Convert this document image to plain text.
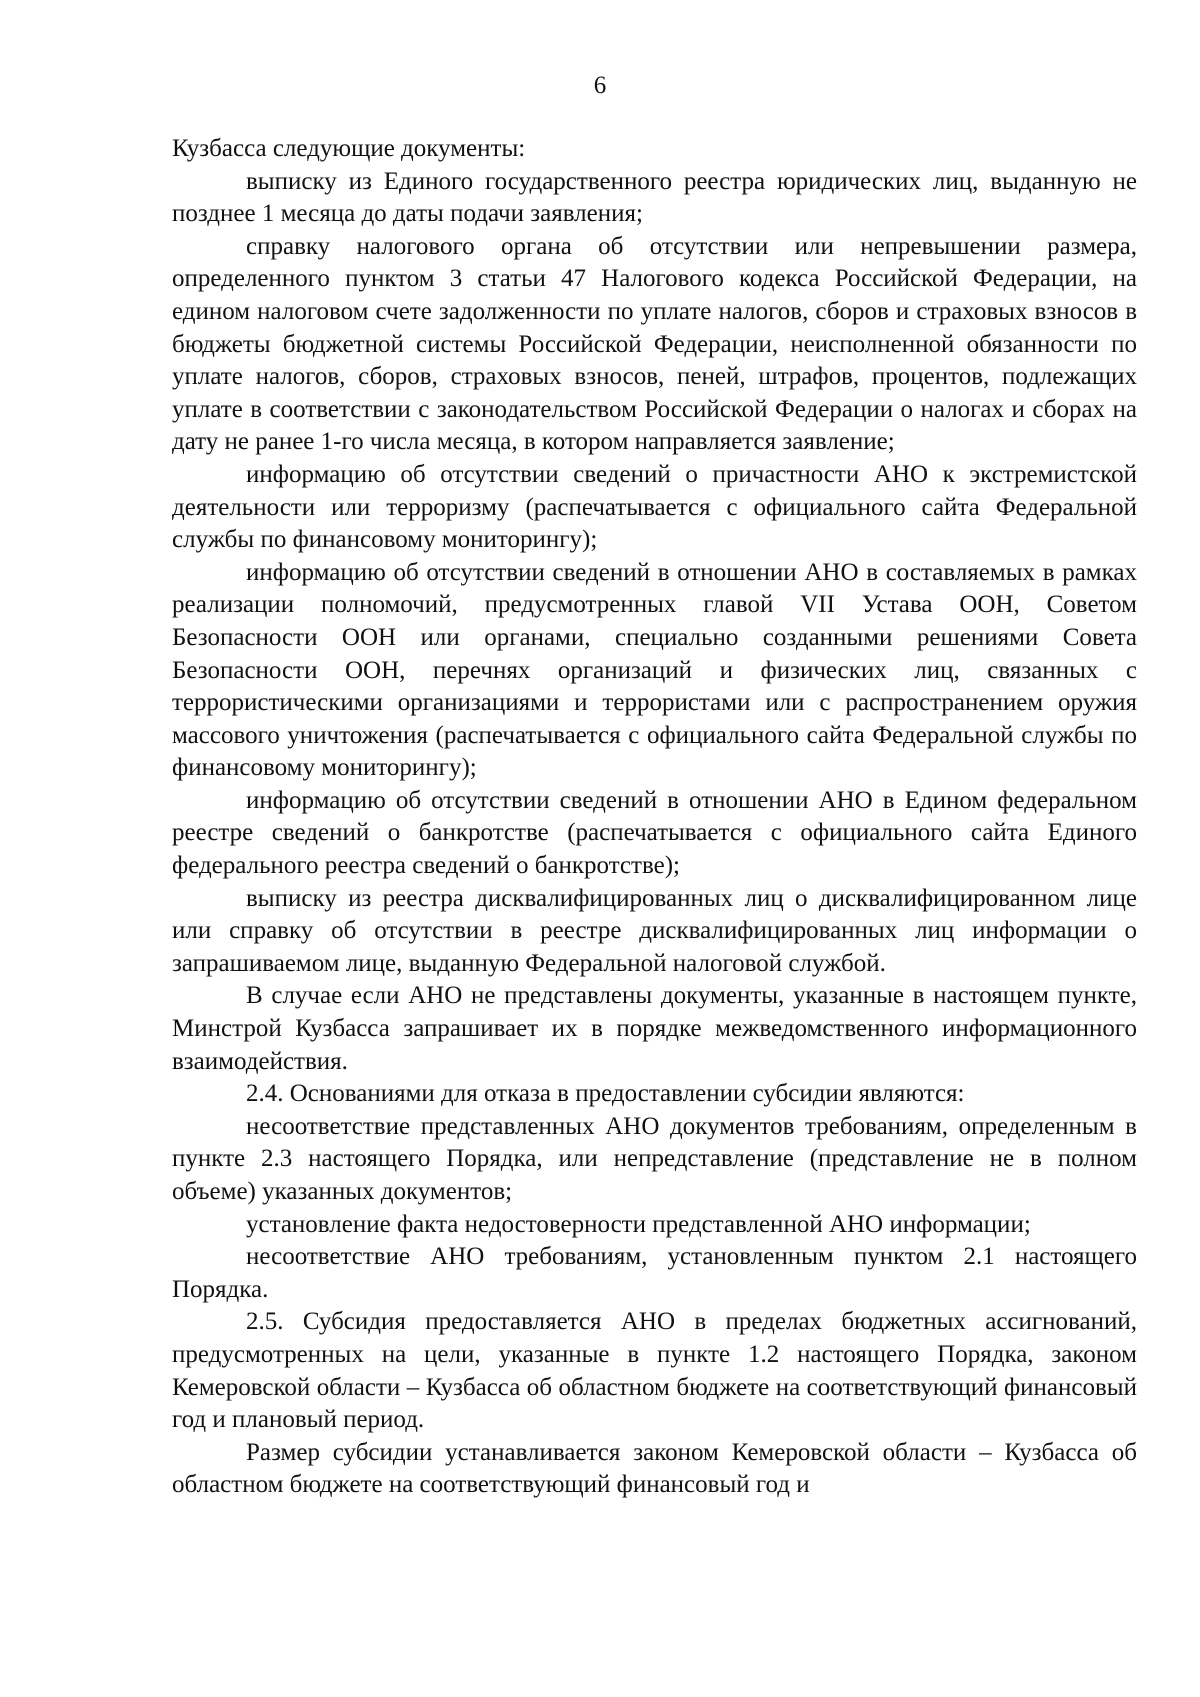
6

Кузбасса следующие документы:

выписку из Единого государственного реестра юридических лиц, выданную не позднее 1 месяца до даты подачи заявления;

справку налогового органа об отсутствии или непревышении размера, определенного пунктом 3 статьи 47 Налогового кодекса Российской Федерации, на едином налоговом счете задолженности по уплате налогов, сборов и страховых взносов в бюджеты бюджетной системы Российской Федерации, неисполненной обязанности по уплате налогов, сборов, страховых взносов, пеней, штрафов, процентов, подлежащих уплате в соответствии с законодательством Российской Федерации о налогах и сборах на дату не ранее 1-го числа месяца, в котором направляется заявление;

информацию об отсутствии сведений о причастности АНО к экстремистской деятельности или терроризму (распечатывается с официального сайта Федеральной службы по финансовому мониторингу);

информацию об отсутствии сведений в отношении АНО в составляемых в рамках реализации полномочий, предусмотренных главой VII Устава ООН, Советом Безопасности ООН или органами, специально созданными решениями Совета Безопасности ООН, перечнях организаций и физических лиц, связанных с террористическими организациями и террористами или с распространением оружия массового уничтожения (распечатывается с официального сайта Федеральной службы по финансовому мониторингу);

информацию об отсутствии сведений в отношении АНО в Едином федеральном реестре сведений о банкротстве (распечатывается с официального сайта Единого федерального реестра сведений о банкротстве);

выписку из реестра дисквалифицированных лиц о дисквалифицированном лице или справку об отсутствии в реестре дисквалифицированных лиц информации о запрашиваемом лице, выданную Федеральной налоговой службой.

В случае если АНО не представлены документы, указанные в настоящем пункте, Минстрой Кузбасса запрашивает их в порядке межведомственного информационного взаимодействия.

2.4. Основаниями для отказа в предоставлении субсидии являются:

несоответствие представленных АНО документов требованиям, определенным в пункте 2.3 настоящего Порядка, или непредставление (представление не в полном объеме) указанных документов;

установление факта недостоверности представленной АНО информации;

несоответствие АНО требованиям, установленным пунктом 2.1 настоящего Порядка.

2.5. Субсидия предоставляется АНО в пределах бюджетных ассигнований, предусмотренных на цели, указанные в пункте 1.2 настоящего Порядка, законом Кемеровской области – Кузбасса об областном бюджете на соответствующий финансовый год и плановый период.

Размер субсидии устанавливается законом Кемеровской области – Кузбасса об областном бюджете на соответствующий финансовый год и
